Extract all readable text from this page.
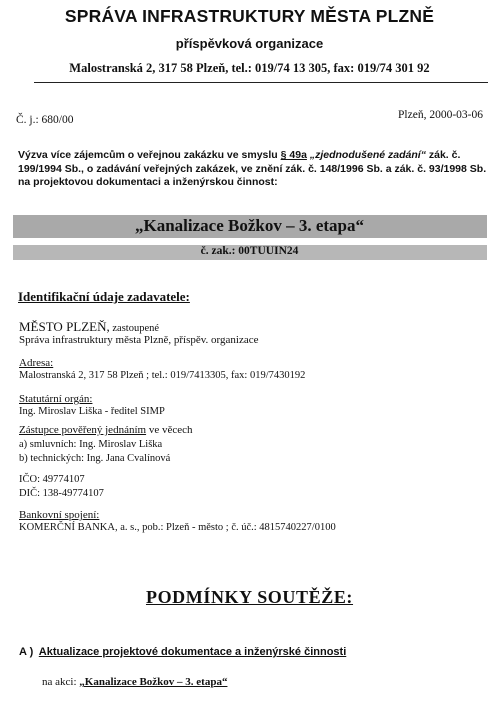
SPRÁVA INFRASTRUKTURY MĚSTA PLZNĚ
příspěvková organizace
Malostranská 2, 317 58 Plzeň, tel.: 019/74 13 305, fax: 019/74 301 92
Č. j.: 680/00	Plzeň, 2000-03-06
Výzva více zájemcům o veřejnou zakázku ve smyslu § 49a „zjednodušené zadání“ zák. č. 199/1994 Sb., o zadávání veřejných zakázek, ve znění zák. č. 148/1996 Sb. a zák. č. 93/1998 Sb. na projektovou dokumentaci a inženýrskou činnost:
„Kanalizace Božkov – 3. etapa“
č. zak.: 00TUUIN24
Identifikační údaje zadavatele:
MĚSTO PLZEŇ, zastoupené
Správa infrastruktury města Plzně, příspěv. organizace
Adresa:
Malostranská 2, 317 58 Plzeň ; tel.: 019/7413305, fax: 019/7430192
Statutární orgán:
Ing. Miroslav Liška - ředitel SIMP
Zástupce pověřený jednáním ve věcech
a) smluvních: Ing. Miroslav Liška
b) technických: Ing. Jana Cvalínová
IČO: 49774107
DIČ: 138-49774107
Bankovní spojení:
KOMERČNÍ BANKA, a. s., pob.: Plzeň - město ; č. úč.: 4815740227/0100
PODMÍNKY SOUTĚŽE:
A ) Aktualizace projektové dokumentace a inženýrské činnosti
na akci: „Kanalizace Božkov – 3. etapa“
